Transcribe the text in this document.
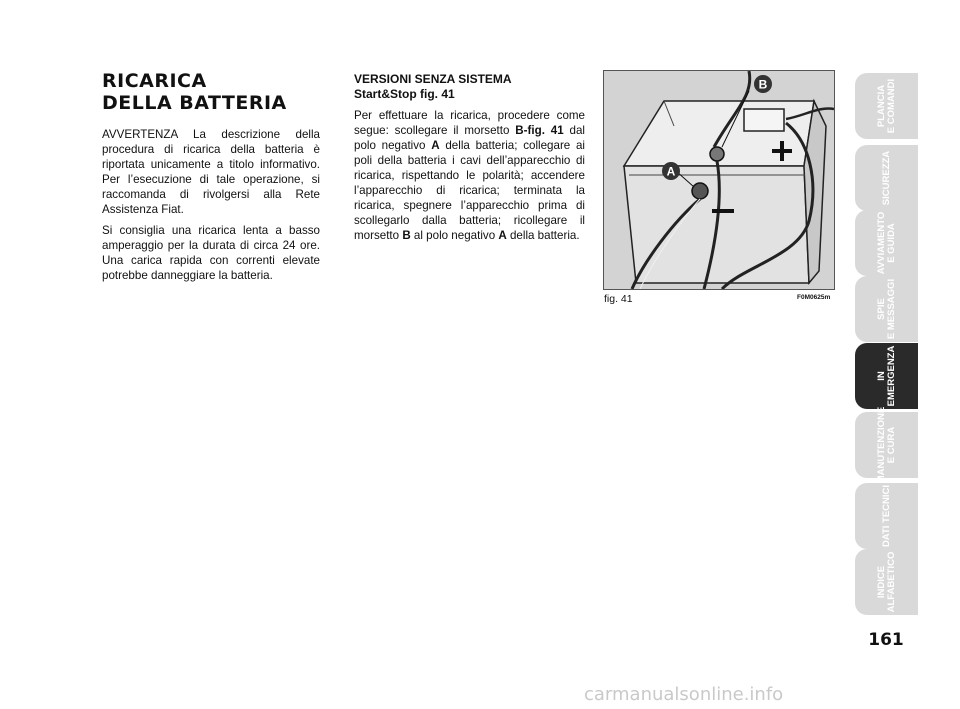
RICARICA
DELLA BATTERIA

AVVERTENZA La descrizione della procedura di ricarica della batteria è riportata unicamente a titolo informativo. Per l’esecuzione di tale operazione, si raccomanda di rivolgersi alla Rete Assistenza Fiat.

Si consiglia una ricarica lenta a basso amperaggio per la durata di circa 24 ore. Una carica rapida con correnti elevate potrebbe danneggiare la batteria.

VERSIONI SENZA SISTEMA
Start&Stop fig. 41

Per effettuare la ricarica, procedere come segue: scollegare il morsetto B-fig. 41 dal polo negativo A della batteria; collegare ai poli della batteria i cavi dell’apparecchio di ricarica, rispettando le polarità; accendere l’apparecchio di ricarica; terminata la ricarica, spegnere l’apparecchio prima di scollegarlo dalla batteria; ricollegare il morsetto B al polo negativo A della batteria.

A
B
fig. 41	F0M0625m
PLANCIA E COMANDI
SICUREZZA
AVVIAMENTO E GUIDA
SPIE E MESSAGGI
IN EMERGENZA
MANUTENZIONE E CURA
DATI TECNICI
INDICE ALFABETICO
161
carmanualsonline.info
